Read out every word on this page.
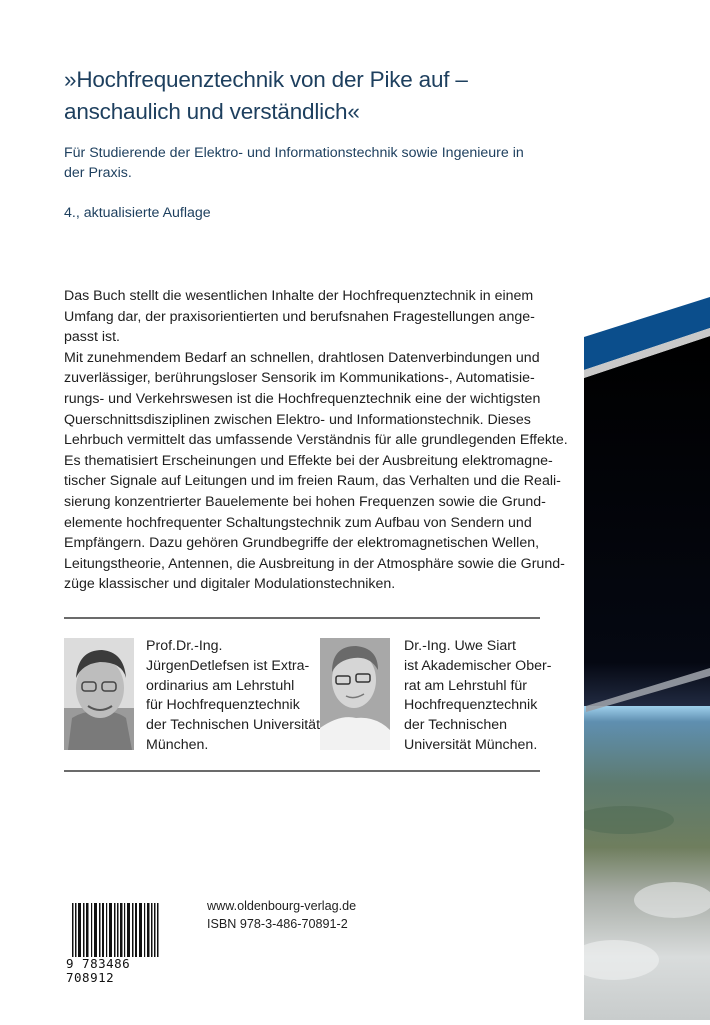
»Hochfrequenztechnik von der Pike auf –
anschaulich und verständlich«
Für Studierende der Elektro- und Informationstechnik sowie Ingenieure in
der Praxis.
4., aktualisierte Auflage
Das Buch stellt die wesentlichen Inhalte der Hochfrequenztechnik in einem
Umfang dar, der praxisorientierten und berufsnahen Fragestellungen ange-
passt ist.
Mit zunehmendem Bedarf an schnellen, drahtlosen Datenverbindungen und
zuverlässiger, berührungsloser Sensorik im Kommunikations-, Automatisie-
rungs- und Verkehrswesen ist die Hochfrequenztechnik eine der wichtigsten
Querschnittsdisziplinen zwischen Elektro- und Informationstechnik. Dieses
Lehrbuch vermittelt das umfassende Verständnis für alle grundlegenden Effekte.
Es thematisiert Erscheinungen und Effekte bei der Ausbreitung elektromagne-
tischer Signale auf Leitungen und im freien Raum, das Verhalten und die Reali-
sierung konzentrierter Bauelemente bei hohen Frequenzen sowie die Grund-
elemente hochfrequenter Schaltungstechnik zum Aufbau von Sendern und
Empfängern. Dazu gehören Grundbegriffe der elektromagnetischen Wellen,
Leitungstheorie, Antennen, die Ausbreitung in der Atmosphäre sowie die Grund-
züge klassischer und digitaler Modulationstechniken.
Prof.Dr.-Ing.
JürgenDetlefsen ist Extra-
ordinarius am Lehrstuhl
für Hochfrequenztechnik
der Technischen Universität
München.
Dr.-Ing. Uwe Siart
ist Akademischer Ober-
rat am Lehrstuhl für
Hochfrequenztechnik
der Technischen
Universität München.
9 783486 708912
www.oldenbourg-verlag.de
ISBN 978-3-486-70891-2
